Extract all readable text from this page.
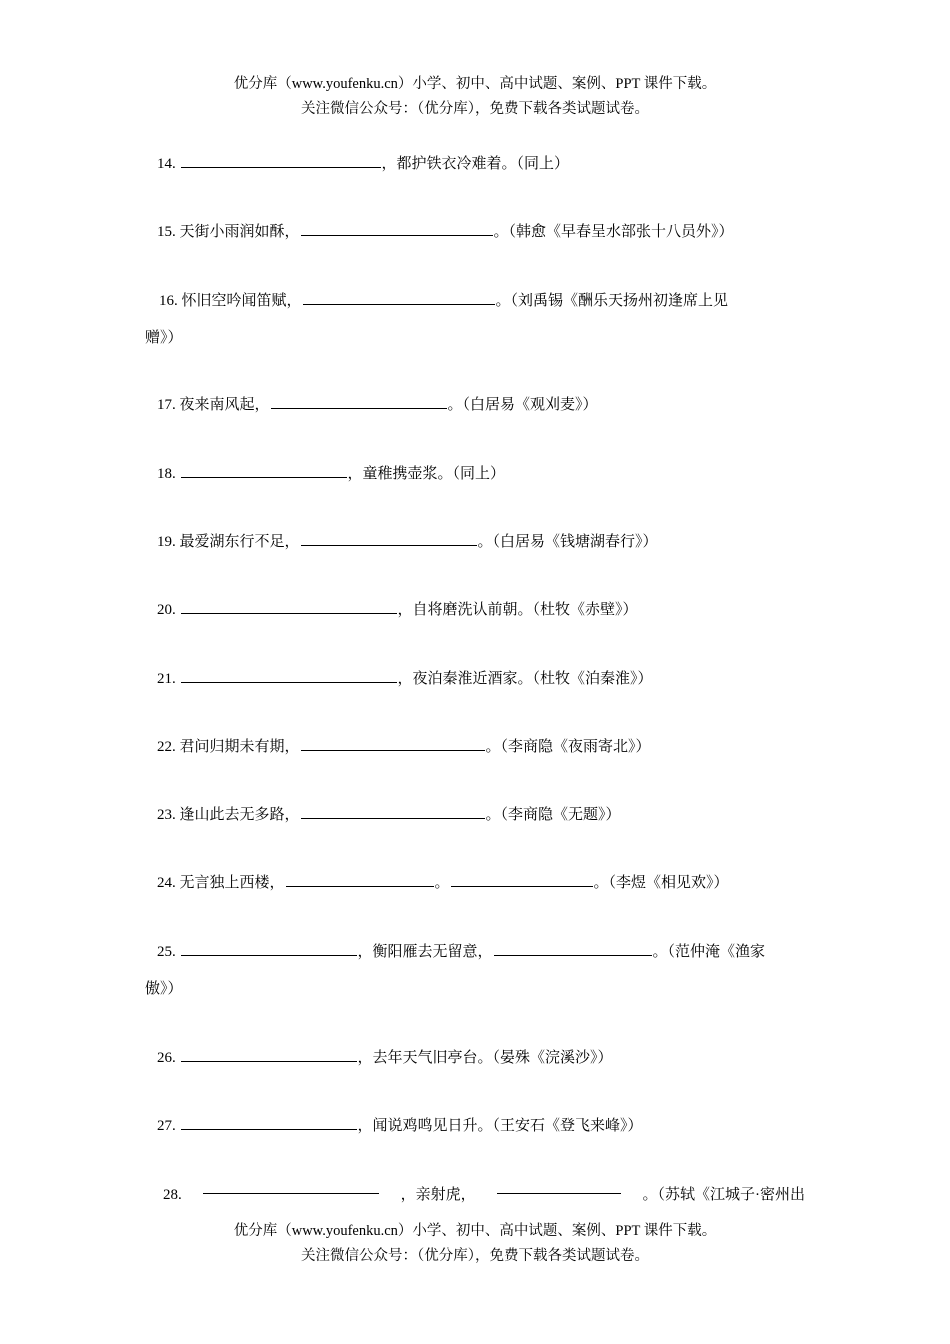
优分库（www.youfenku.cn）小学、初中、高中试题、案例、PPT 课件下载。
关注微信公众号：（优分库），免费下载各类试题试卷。
14.	，都护铁衣冷难着。（同上）
15. 天街小雨润如酥，	。（韩愈《早春呈水部张十八员外》）
16. 怀旧空吟闻笛赋，	。（刘禹锡《酬乐天扬州初逢席上见
赠》）
17. 夜来南风起，	。（白居易《观刈麦》）
18.	，童稚携壶浆。（同上）
19. 最爱湖东行不足，	。（白居易《钱塘湖春行》）
20.	，自将磨洗认前朝。（杜牧《赤壁》）
21.	，夜泊秦淮近酒家。（杜牧《泊秦淮》）
22. 君问归期未有期，	。（李商隐《夜雨寄北》）
23. 逢山此去无多路，	。（李商隐《无题》）
24. 无言独上西楼，	。	。（李煜《相见欢》）
25.	，衡阳雁去无留意，	。（范仲淹《渔家
傲》）
26.	，去年天气旧亭台。（晏殊《浣溪沙》）
27.	，闻说鸡鸣见日升。（王安石《登飞来峰》）
28.	，亲射虎，	。（苏轼《江城子·密州出
优分库（www.youfenku.cn）小学、初中、高中试题、案例、PPT 课件下载。
关注微信公众号：（优分库），免费下载各类试题试卷。
